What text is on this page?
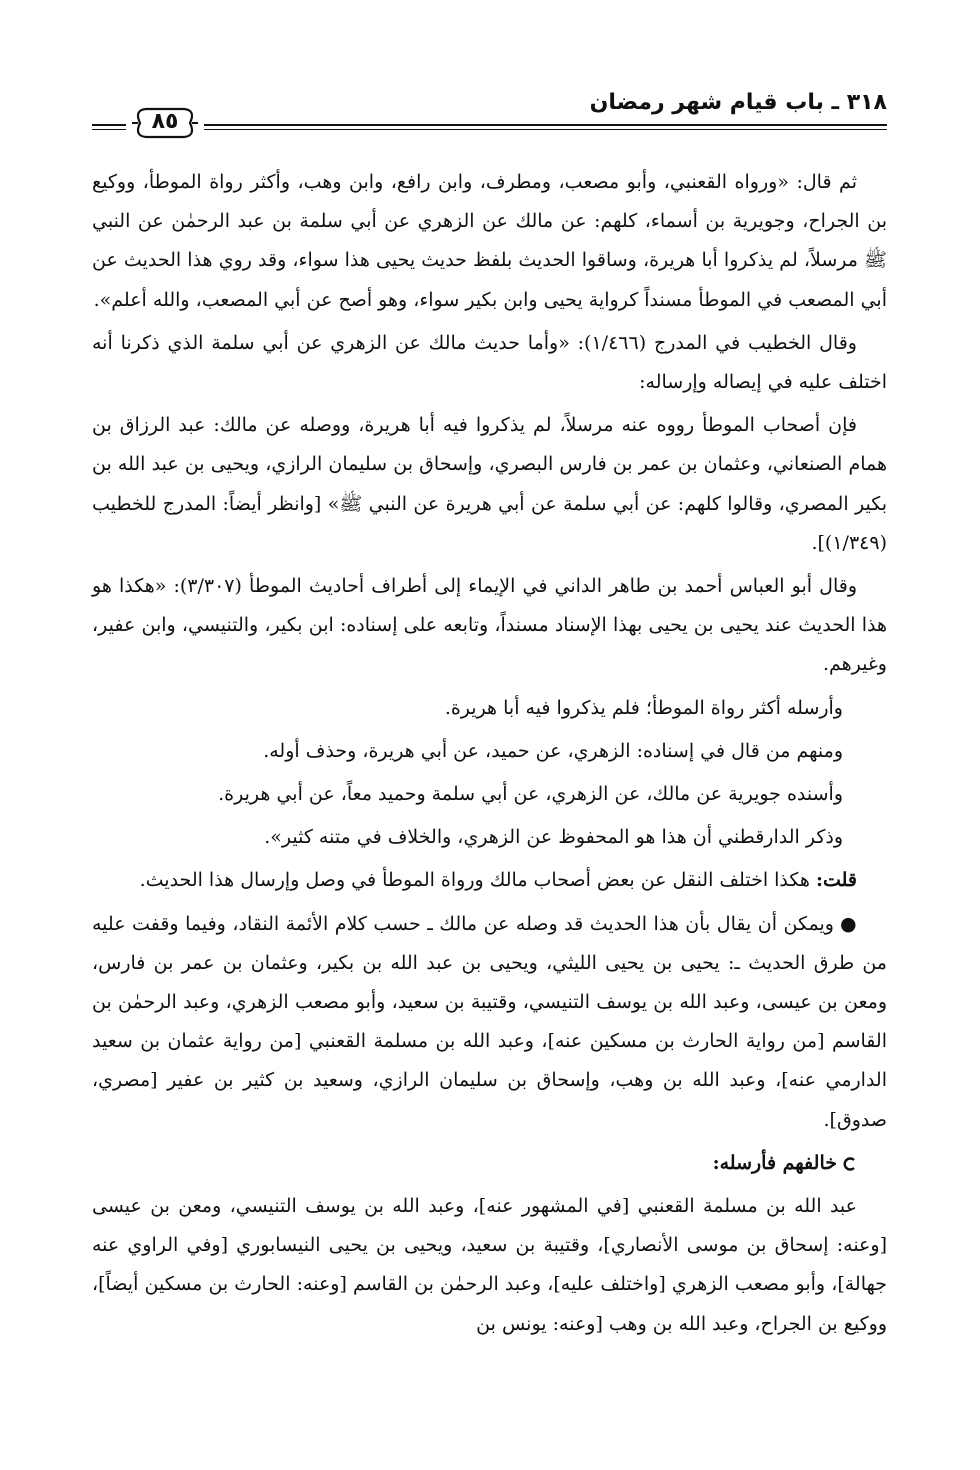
٣١٨ ـ باب قيام شهر رمضان
٨٥

ثم قال: «ورواه القعنبي، وأبو مصعب، ومطرف، وابن رافع، وابن وهب، وأكثر رواة الموطأ، ووكيع بن الجراح، وجويرية بن أسماء، كلهم: عن مالك عن الزهري عن أبي سلمة بن عبد الرحمٰن عن النبي ﷺ مرسلاً، لم يذكروا أبا هريرة، وساقوا الحديث بلفظ حديث يحيى هذا سواء، وقد روي هذا الحديث عن أبي المصعب في الموطأ مسنداً كرواية يحيى وابن بكير سواء، وهو أصح عن أبي المصعب، والله أعلم».

وقال الخطيب في المدرج (١/٤٦٦): «وأما حديث مالك عن الزهري عن أبي سلمة الذي ذكرنا أنه اختلف عليه في إيصاله وإرساله:

فإن أصحاب الموطأ رووه عنه مرسلاً، لم يذكروا فيه أبا هريرة، ووصله عن مالك: عبد الرزاق بن همام الصنعاني، وعثمان بن عمر بن فارس البصري، وإسحاق بن سليمان الرازي، ويحيى بن عبد الله بن بكير المصري، وقالوا كلهم: عن أبي سلمة عن أبي هريرة عن النبي ﷺ» [وانظر أيضاً: المدرج للخطيب (١/٣٤٩)].

وقال أبو العباس أحمد بن طاهر الداني في الإيماء إلى أطراف أحاديث الموطأ (٣/٣٠٧): «هكذا هو هذا الحديث عند يحيى بن يحيى بهذا الإسناد مسنداً، وتابعه على إسناده: ابن بكير، والتنيسي، وابن عفير، وغيرهم.

وأرسله أكثر رواة الموطأ؛ فلم يذكروا فيه أبا هريرة.

ومنهم من قال في إسناده: الزهري، عن حميد، عن أبي هريرة، وحذف أوله.

وأسنده جويرية عن مالك، عن الزهري، عن أبي سلمة وحميد معاً، عن أبي هريرة.

وذكر الدارقطني أن هذا هو المحفوظ عن الزهري، والخلاف في متنه كثير».

قلت: هكذا اختلف النقل عن بعض أصحاب مالك ورواة الموطأ في وصل وإرسال هذا الحديث.

●ويمكن أن يقال بأن هذا الحديث قد وصله عن مالك ـ حسب كلام الأئمة النقاد، وفيما وقفت عليه من طرق الحديث ـ: يحيى بن يحيى الليثي، ويحيى بن عبد الله بن بكير، وعثمان بن عمر بن فارس، ومعن بن عيسى، وعبد الله بن يوسف التنيسي، وقتيبة بن سعيد، وأبو مصعب الزهري، وعبد الرحمٰن بن القاسم [من رواية الحارث بن مسكين عنه]، وعبد الله بن مسلمة القعنبي [من رواية عثمان بن سعيد الدارمي عنه]، وعبد الله بن وهب، وإسحاق بن سليمان الرازي، وسعيد بن كثير بن عفير [مصري، صدوق].

خالفهم فأرسله:

عبد الله بن مسلمة القعنبي [في المشهور عنه]، وعبد الله بن يوسف التنيسي، ومعن بن عيسى [وعنه: إسحاق بن موسى الأنصاري]، وقتيبة بن سعيد، ويحيى بن يحيى النيسابوري [وفي الراوي عنه جهالة]، وأبو مصعب الزهري [واختلف عليه]، وعبد الرحمٰن بن القاسم [وعنه: الحارث بن مسكين أيضاً]، ووكيع بن الجراح، وعبد الله بن وهب [وعنه: يونس بن
